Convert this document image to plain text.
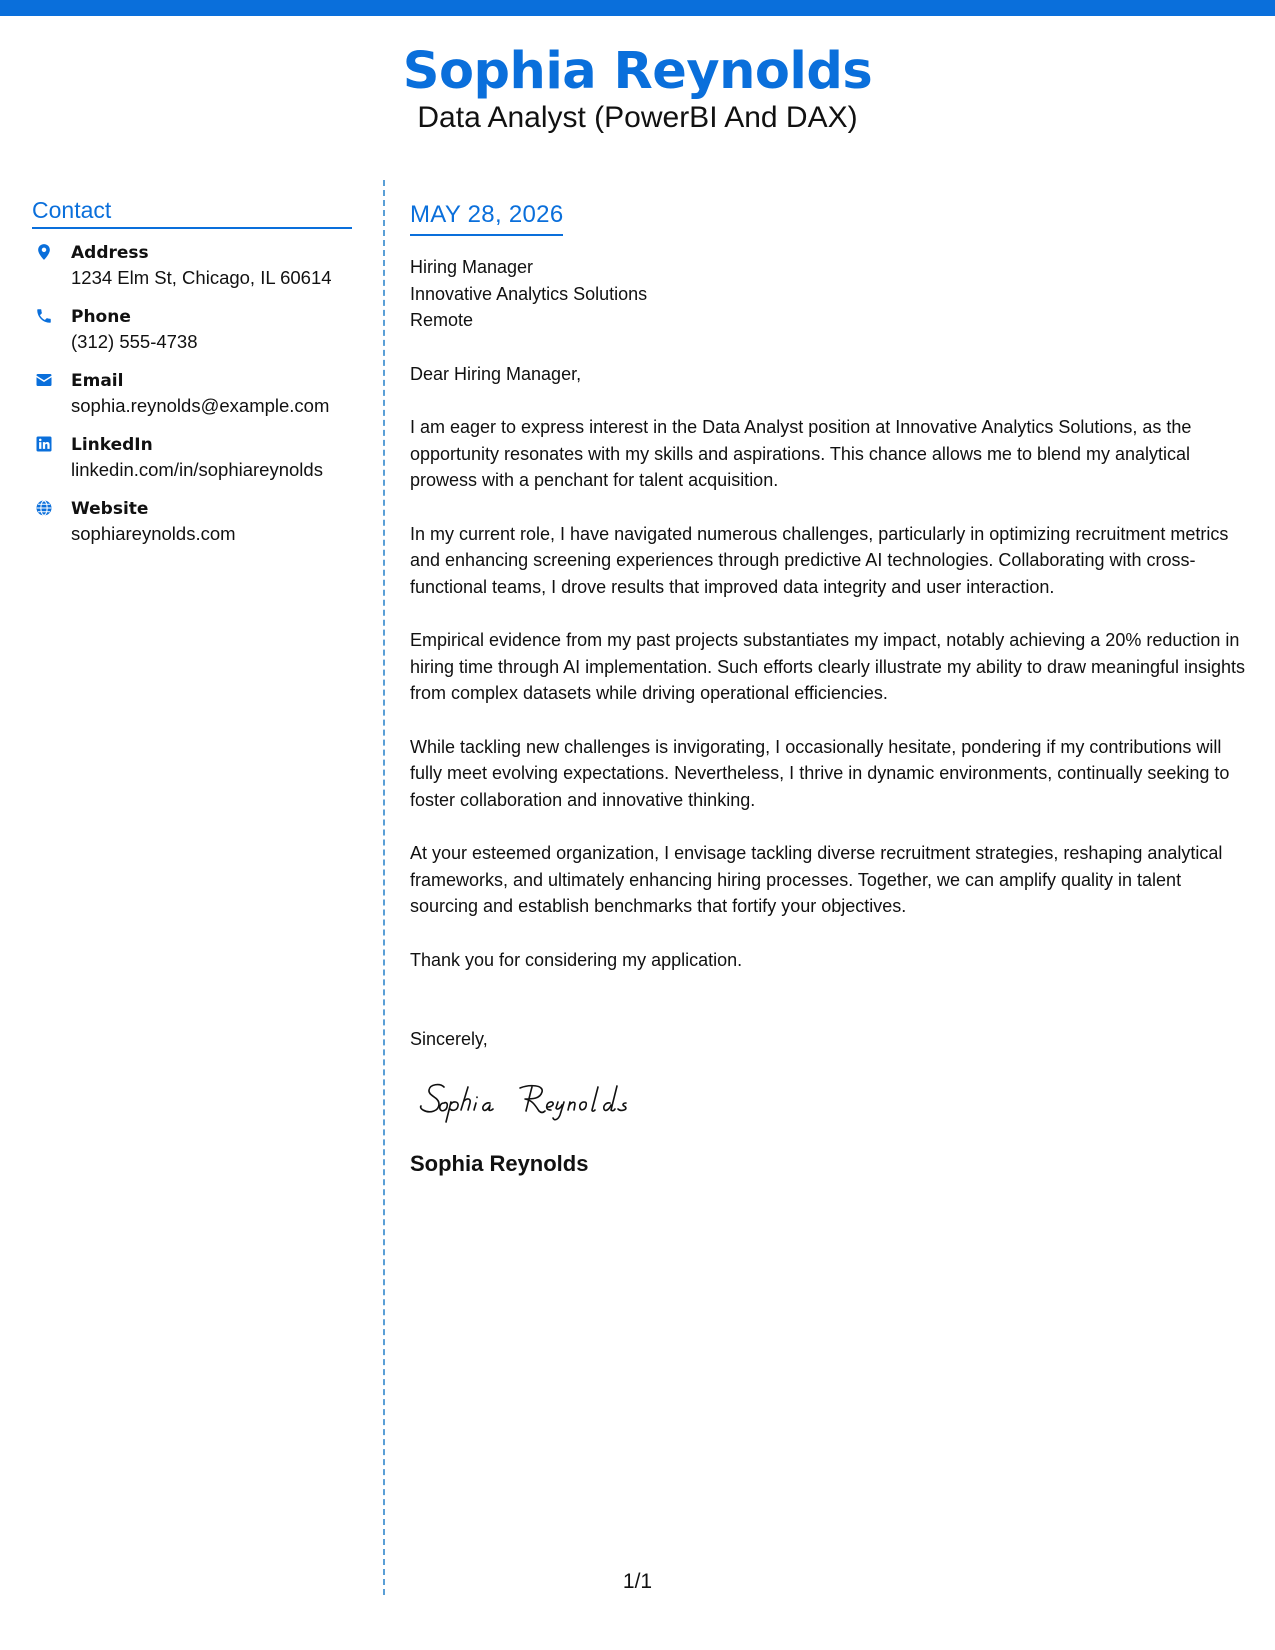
Sophia Reynolds
Data Analyst (PowerBI And DAX)
Contact
Address
1234 Elm St, Chicago, IL 60614
Phone
(312) 555-4738
Email
sophia.reynolds@example.com
LinkedIn
linkedin.com/in/sophiareynolds
Website
sophiareynolds.com
MAY 28, 2026
Hiring Manager
Innovative Analytics Solutions
Remote
Dear Hiring Manager,
I am eager to express interest in the Data Analyst position at Innovative Analytics Solutions, as the opportunity resonates with my skills and aspirations. This chance allows me to blend my analytical prowess with a penchant for talent acquisition.
In my current role, I have navigated numerous challenges, particularly in optimizing recruitment metrics and enhancing screening experiences through predictive AI technologies. Collaborating with cross-functional teams, I drove results that improved data integrity and user interaction.
Empirical evidence from my past projects substantiates my impact, notably achieving a 20% reduction in hiring time through AI implementation. Such efforts clearly illustrate my ability to draw meaningful insights from complex datasets while driving operational efficiencies.
While tackling new challenges is invigorating, I occasionally hesitate, pondering if my contributions will fully meet evolving expectations. Nevertheless, I thrive in dynamic environments, continually seeking to foster collaboration and innovative thinking.
At your esteemed organization, I envisage tackling diverse recruitment strategies, reshaping analytical frameworks, and ultimately enhancing hiring processes. Together, we can amplify quality in talent sourcing and establish benchmarks that fortify your objectives.
Thank you for considering my application.
Sincerely,
Sophia Reynolds
1/1
